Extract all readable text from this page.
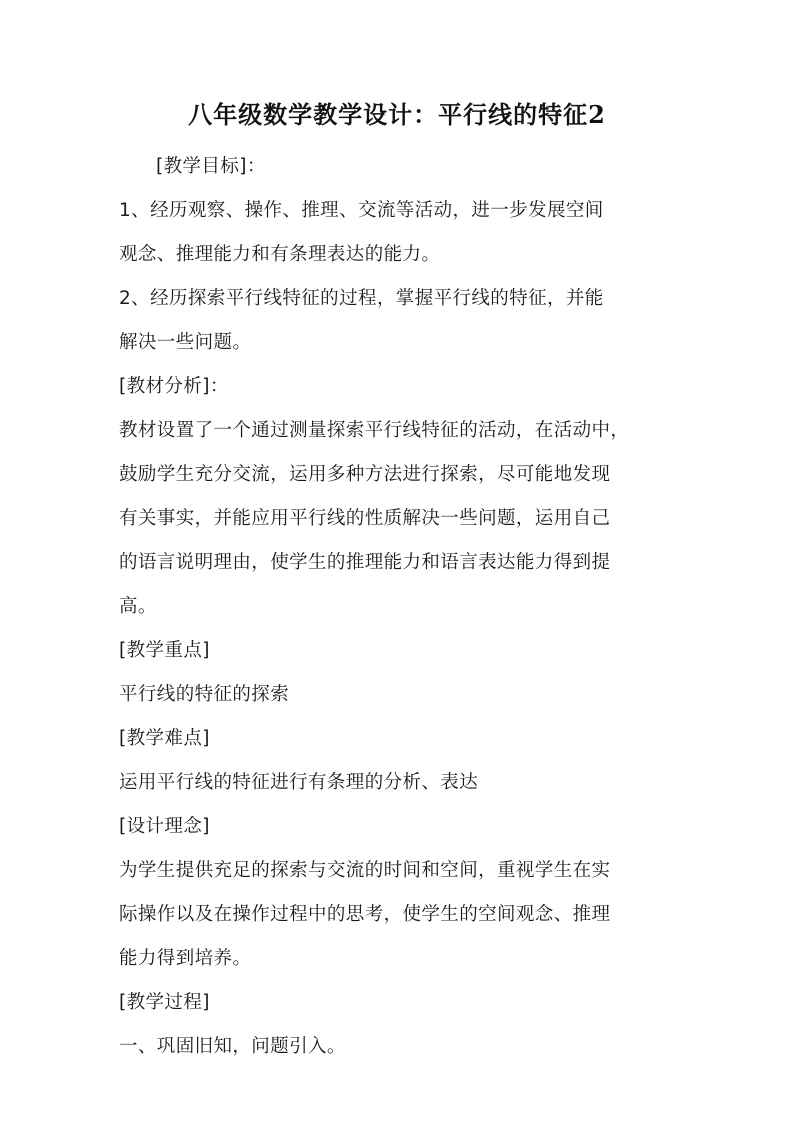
八年级数学教学设计：平行线的特征2
[教学目标]：
1、经历观察、操作、推理、交流等活动，进一步发展空间
观念、推理能力和有条理表达的能力。
2、经历探索平行线特征的过程，掌握平行线的特征，并能
解决一些问题。
[教材分析]：
教材设置了一个通过测量探索平行线特征的活动，在活动中，
鼓励学生充分交流，运用多种方法进行探索，尽可能地发现
有关事实，并能应用平行线的性质解决一些问题，运用自己
的语言说明理由，使学生的推理能力和语言表达能力得到提
高。
[教学重点]
平行线的特征的探索
[教学难点]
运用平行线的特征进行有条理的分析、表达
[设计理念]
为学生提供充足的探索与交流的时间和空间，重视学生在实
际操作以及在操作过程中的思考，使学生的空间观念、推理
能力得到培养。
[教学过程]
一、巩固旧知，问题引入。
